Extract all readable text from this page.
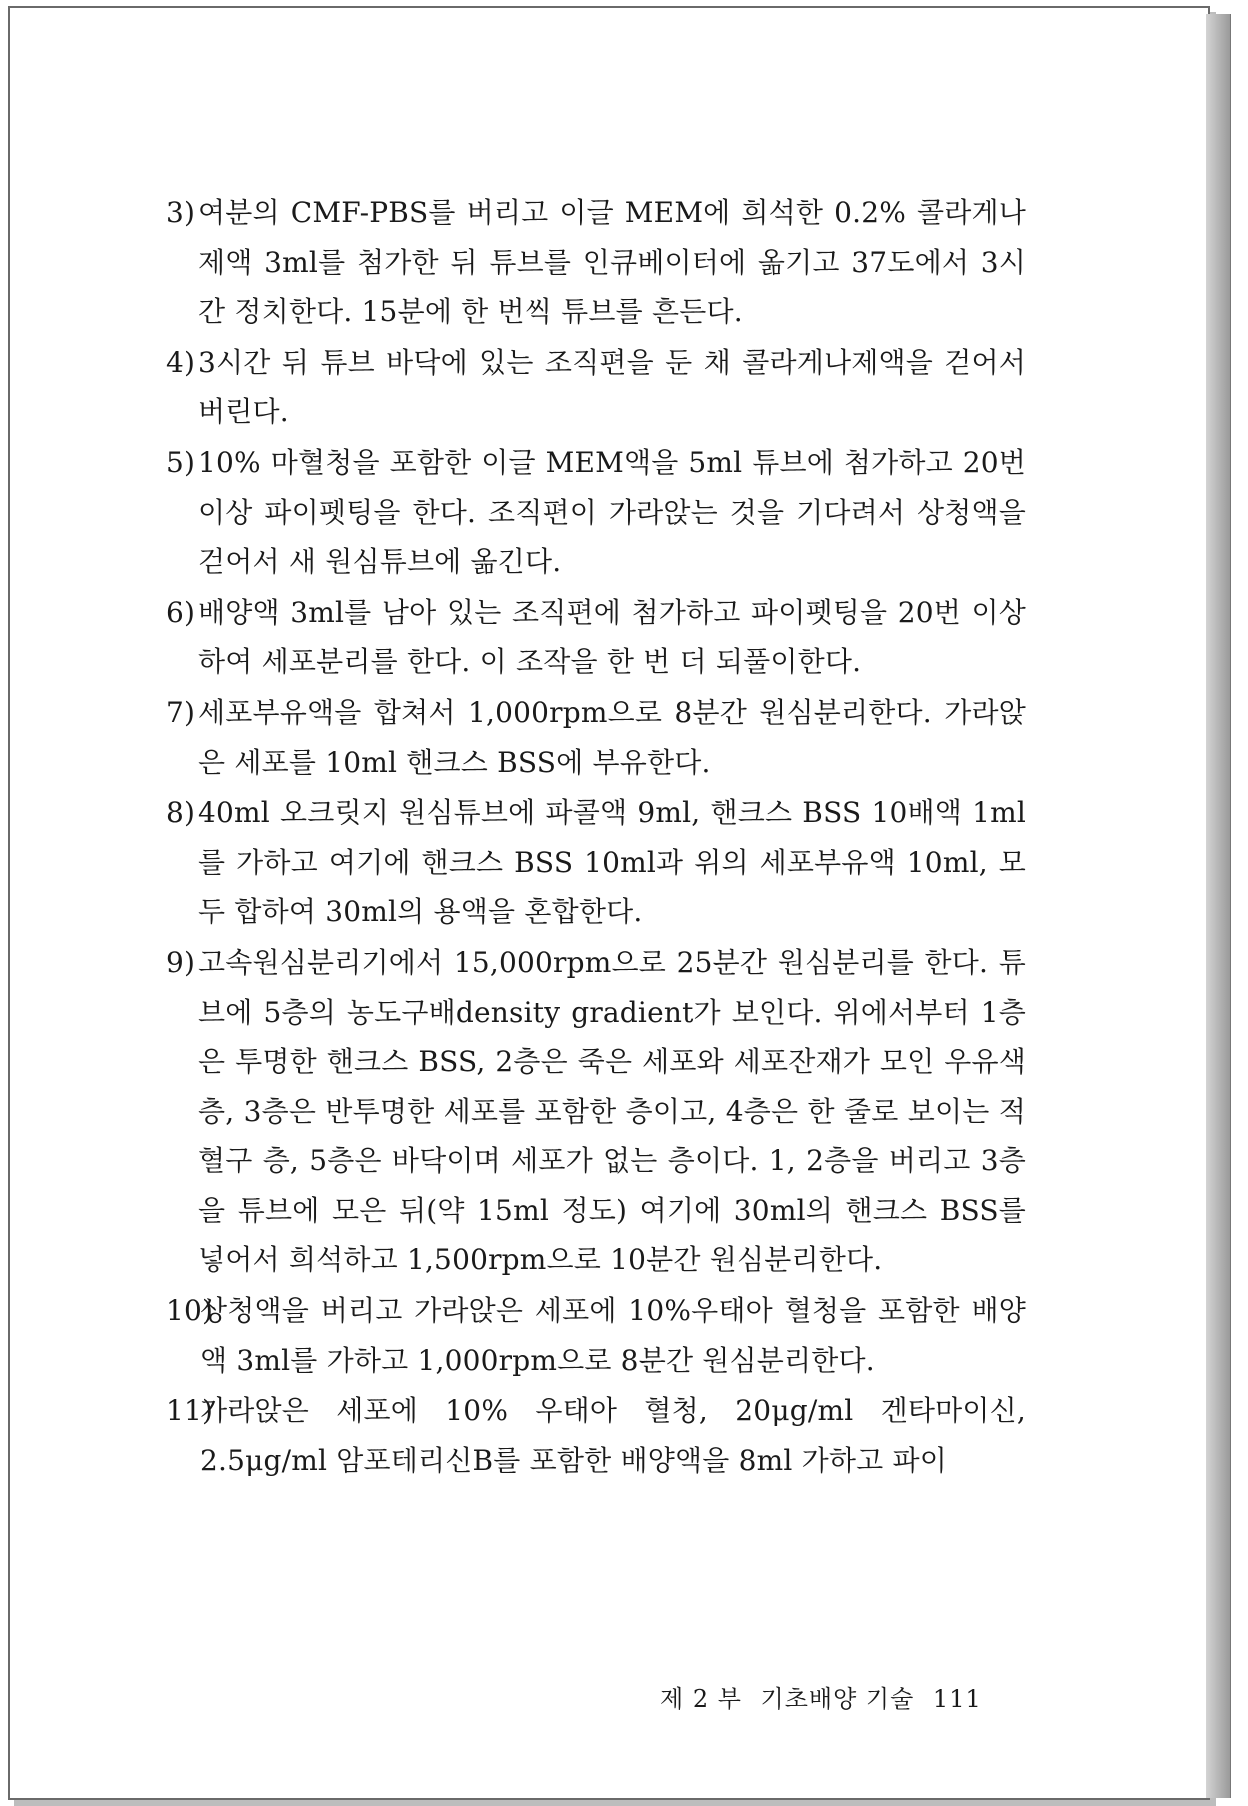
3) 여분의 CMF-PBS를 버리고 이글 MEM에 희석한 0.2% 콜라게나제액 3ml를 첨가한 뒤 튜브를 인큐베이터에 옮기고 37도에서 3시간 정치한다. 15분에 한 번씩 튜브를 흔든다.
4) 3시간 뒤 튜브 바닥에 있는 조직편을 둔 채 콜라게나제액을 걷어서 버린다.
5) 10% 마혈청을 포함한 이글 MEM액을 5ml 튜브에 첨가하고 20번 이상 파이펫팅을 한다. 조직편이 가라앉는 것을 기다려서 상청액을 걷어서 새 원심튜브에 옮긴다.
6) 배양액 3ml를 남아 있는 조직편에 첨가하고 파이펫팅을 20번 이상하여 세포분리를 한다. 이 조작을 한 번 더 되풀이한다.
7) 세포부유액을 합쳐서 1,000rpm으로 8분간 원심분리한다. 가라앉은 세포를 10ml 핸크스 BSS에 부유한다.
8) 40ml 오크릿지 원심튜브에 파콜액 9ml, 핸크스 BSS 10배액 1ml를 가하고 여기에 핸크스 BSS 10ml과 위의 세포부유액 10ml, 모두 합하여 30ml의 용액을 혼합한다.
9) 고속원심분리기에서 15,000rpm으로 25분간 원심분리를 한다. 튜브에 5층의 농도구배density gradient가 보인다. 위에서부터 1층은 투명한 핸크스 BSS, 2층은 죽은 세포와 세포잔재가 모인 우유색 층, 3층은 반투명한 세포를 포함한 층이고, 4층은 한 줄로 보이는 적혈구 층, 5층은 바닥이며 세포가 없는 층이다. 1, 2층을 버리고 3층을 튜브에 모은 뒤(약 15ml 정도) 여기에 30ml의 핸크스 BSS를 넣어서 희석하고 1,500rpm으로 10분간 원심분리한다.
10)
상청액을 버리고 가라앉은 세포에 10%우태아 혈청을 포함한 배양액 3ml를 가하고 1,000rpm으로 8분간 원심분리한다.
11)
가라앉은 세포에 10% 우태아 혈청, 20μg/ml 겐타마이신, 2.5μg/ml 암포테리신B를 포함한 배양액을 8ml 가하고 파이
제 2 부 기초배양 기술 111
